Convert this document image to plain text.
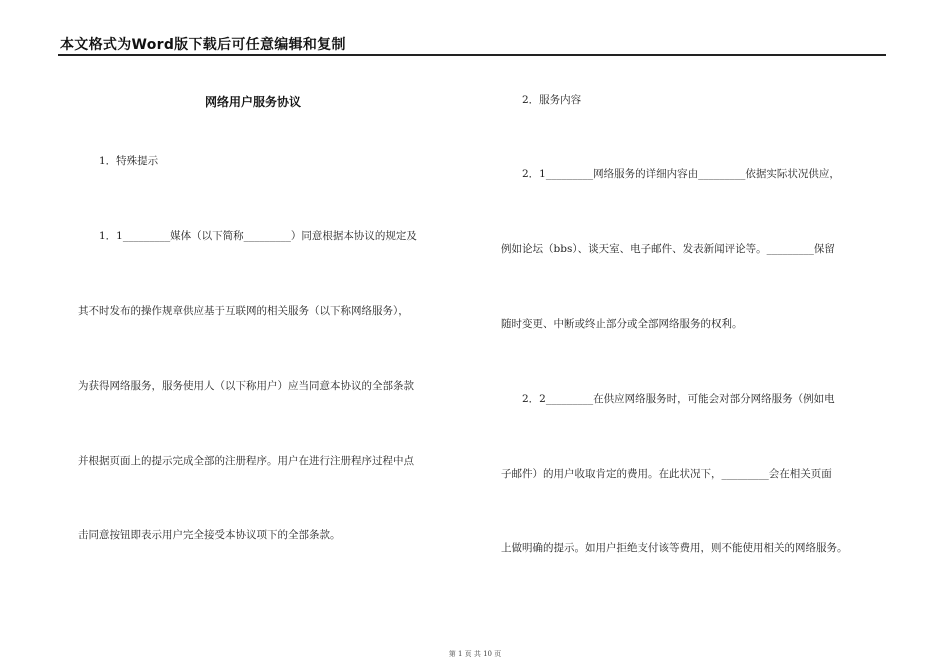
本文格式为Word版下载后可任意编辑和复制
网络用户服务协议
1．特殊提示
1．1_________媒体（以下简称_________）同意根据本协议的规定及
其不时发布的操作规章供应基于互联网的相关服务（以下称网络服务），
为获得网络服务，服务使用人（以下称用户）应当同意本协议的全部条款
并根据页面上的提示完成全部的注册程序。用户在进行注册程序过程中点
击同意按钮即表示用户完全接受本协议项下的全部条款。
2．服务内容
2．1_________网络服务的详细内容由_________依据实际状况供应，
例如论坛（bbs）、谈天室、电子邮件、发表新闻评论等。_________保留
随时变更、中断或终止部分或全部网络服务的权利。
2．2_________在供应网络服务时，可能会对部分网络服务（例如电
子邮件）的用户收取肯定的费用。在此状况下，_________会在相关页面
上做明确的提示。如用户拒绝支付该等费用，则不能使用相关的网络服务。
第 1 页 共 10 页
